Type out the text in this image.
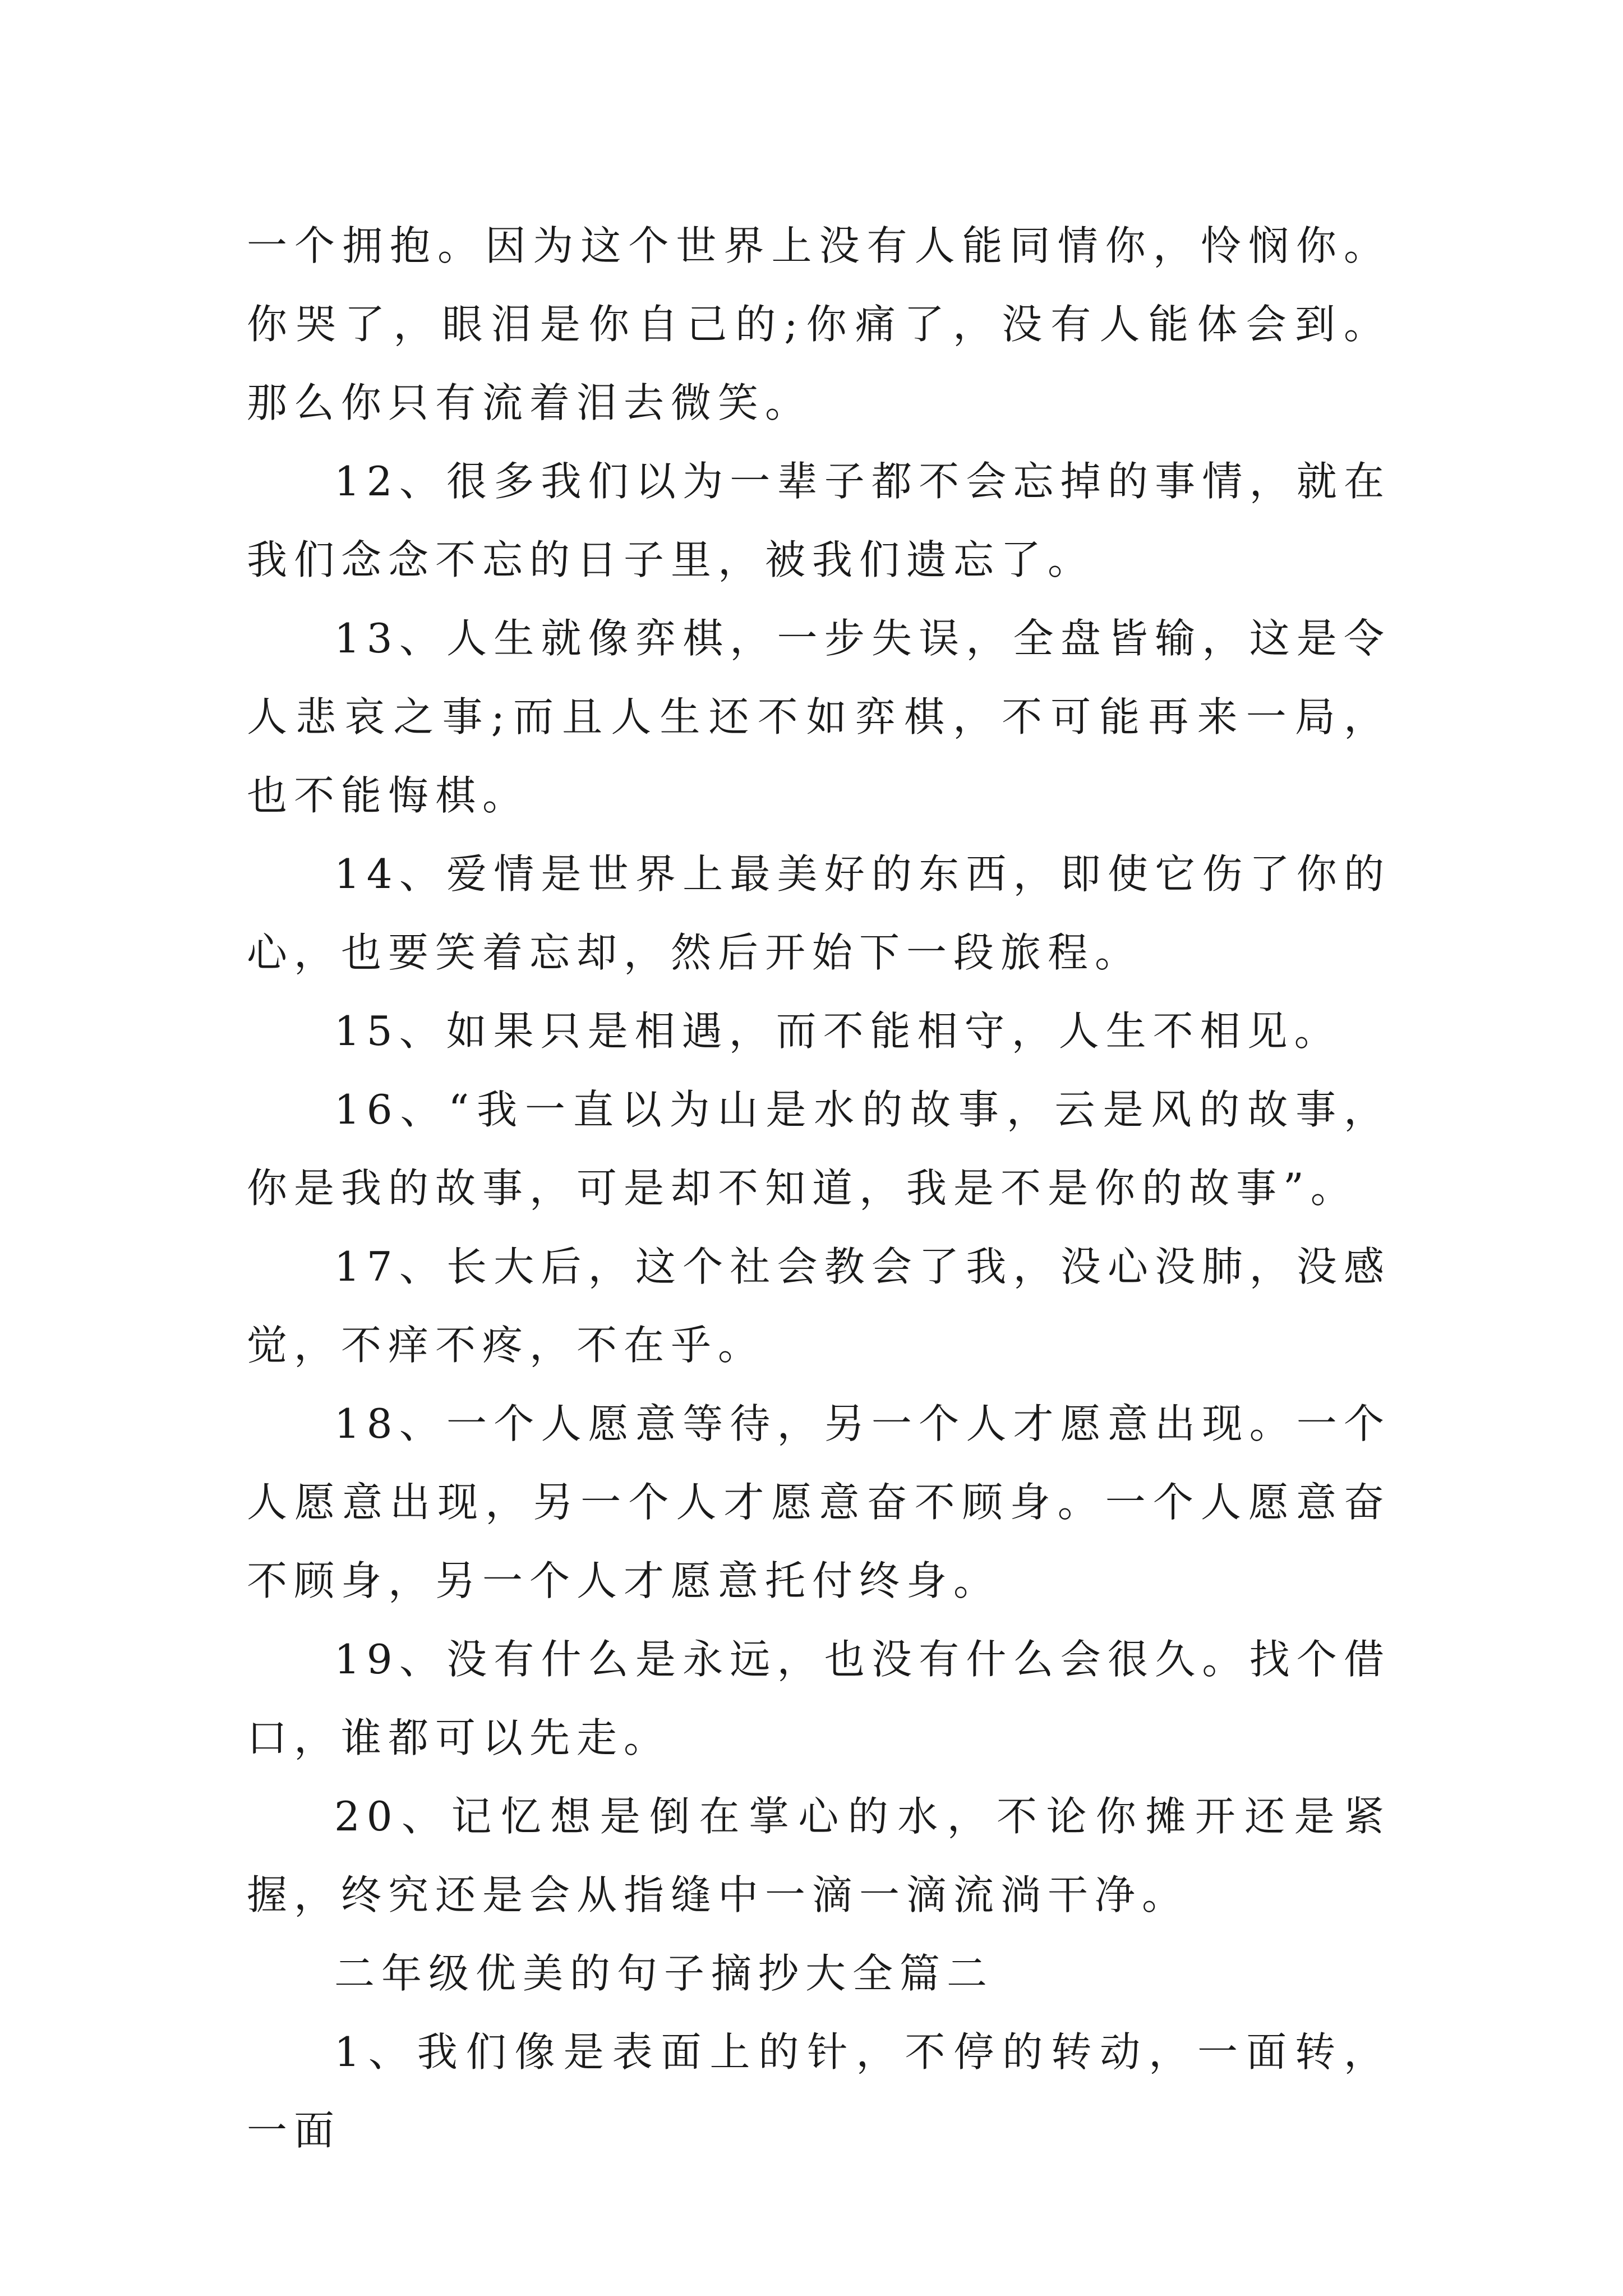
一个拥抱。因为这个世界上没有人能同情你，怜悯你。你哭了，眼泪是你自己的;你痛了，没有人能体会到。那么你只有流着泪去微笑。

12、很多我们以为一辈子都不会忘掉的事情，就在我们念念不忘的日子里，被我们遗忘了。

13、人生就像弈棋，一步失误，全盘皆输，这是令人悲哀之事;而且人生还不如弈棋，不可能再来一局，也不能悔棋。

14、爱情是世界上最美好的东西，即使它伤了你的心，也要笑着忘却，然后开始下一段旅程。

15、如果只是相遇，而不能相守，人生不相见。

16、“我一直以为山是水的故事，云是风的故事，你是我的故事，可是却不知道，我是不是你的故事”。

17、长大后，这个社会教会了我，没心没肺，没感觉，不痒不疼，不在乎。

18、一个人愿意等待，另一个人才愿意出现。一个人愿意出现，另一个人才愿意奋不顾身。一个人愿意奋不顾身，另一个人才愿意托付终身。

19、没有什么是永远，也没有什么会很久。找个借口，谁都可以先走。

20、记忆想是倒在掌心的水，不论你摊开还是紧握，终究还是会从指缝中一滴一滴流淌干净。

二年级优美的句子摘抄大全篇二

1、我们像是表面上的针，不停的转动，一面转，一面
